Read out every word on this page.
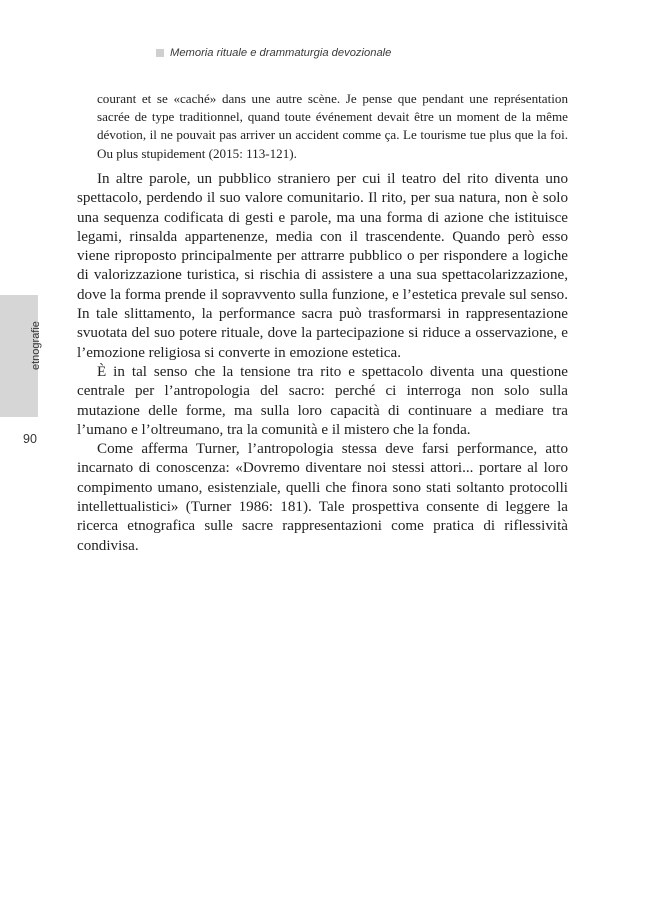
Memoria rituale e drammaturgia devozionale
etnografie
90
courant et se «caché» dans une autre scène. Je pense que pendant une représentation sacrée de type traditionnel, quand toute événement devait être un moment de la même dévotion, il ne pouvait pas arriver un accident comme ça. Le tourisme tue plus que la foi. Ou plus stupidement (2015: 113-121).

In altre parole, un pubblico straniero per cui il teatro del rito diventa uno spettacolo, perdendo il suo valore comunitario. Il rito, per sua natura, non è solo una sequenza codificata di gesti e parole, ma una forma di azione che istituisce legami, rinsalda appartenenze, media con il trascendente. Quando però esso viene riproposto principalmente per attrarre pubblico o per rispondere a logiche di valorizzazione turistica, si rischia di assistere a una sua spettacolarizzazione, dove la forma prende il sopravvento sulla funzione, e l’estetica prevale sul senso. In tale slittamento, la performance sacra può trasformarsi in rappresentazione svuotata del suo potere rituale, dove la partecipazione si riduce a osservazione, e l’emozione religiosa si converte in emozione estetica.

È in tal senso che la tensione tra rito e spettacolo diventa una questione centrale per l’antropologia del sacro: perché ci interroga non solo sulla mutazione delle forme, ma sulla loro capacità di continuare a mediare tra l’umano e l’oltreumano, tra la comunità e il mistero che la fonda.

Come afferma Turner, l’antropologia stessa deve farsi performance, atto incarnato di conoscenza: «Dovremo diventare noi stessi attori... portare al loro compimento umano, esistenziale, quelli che finora sono stati soltanto protocolli intellettualistici» (Turner 1986: 181). Tale prospettiva consente di leggere la ricerca etnografica sulle sacre rappresentazioni come pratica di riflessività condivisa.
